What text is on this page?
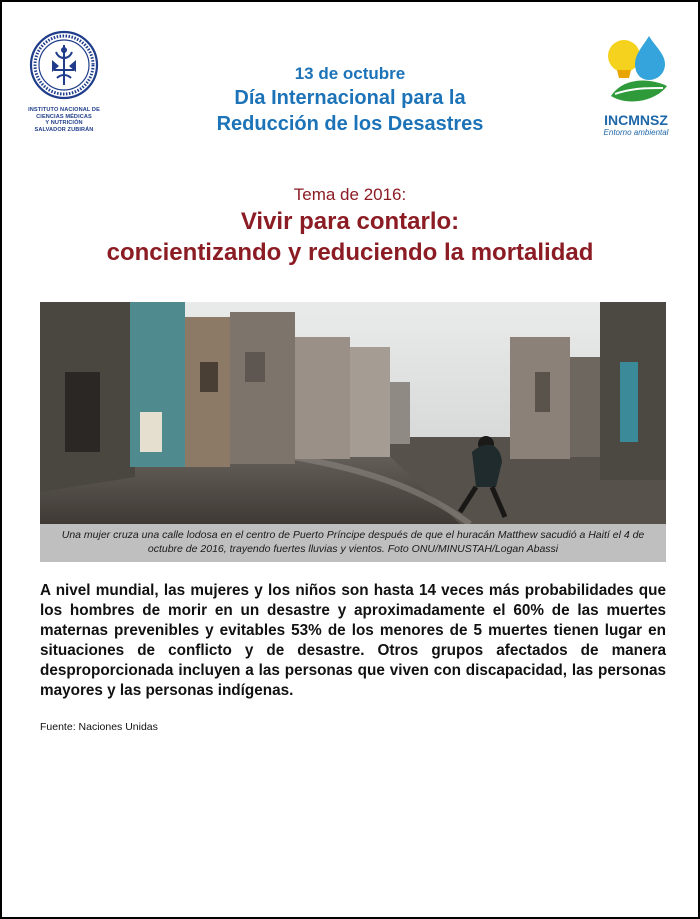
INSTITUTO NACIONAL DE
CIENCIAS MÉDICAS
Y NUTRICIÓN
SALVADOR ZUBIRÁN
13 de octubre
Día Internacional para la
Reducción de los Desastres	INCMNSZ
Entorno ambiental
Tema de 2016:
Vivir para contarlo:
concientizando y reduciendo la mortalidad
Una mujer cruza una calle lodosa en el centro de Puerto Príncipe después de que el huracán Matthew sacudió a Haití el 4 de
octubre de 2016, trayendo fuertes lluvias y vientos. Foto ONU/MINUSTAH/Logan Abassi
A nivel mundial, las mujeres y los niños son hasta 14 veces más probabilidades que los hombres de morir en un desastre y aproximadamente el 60% de las muertes maternas prevenibles y evitables 53% de los menores de 5 muertes tienen lugar en situaciones de conflicto y de desastre. Otros grupos afectados de manera desproporcionada incluyen a las personas que viven con discapacidad, las personas mayores y las personas indígenas.
Fuente: Naciones Unidas
